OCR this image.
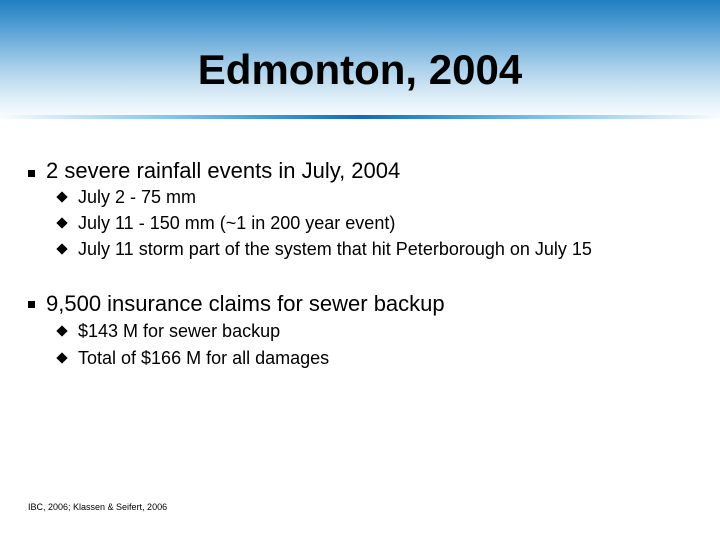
Edmonton, 2004
2 severe rainfall events in July, 2004
July 2 - 75 mm
July 11 - 150 mm (~1 in 200 year event)
July 11 storm part of the system that hit Peterborough on July 15
9,500 insurance claims for sewer backup
$143 M for sewer backup
Total of $166 M for all damages
IBC, 2006; Klassen & Seifert, 2006
